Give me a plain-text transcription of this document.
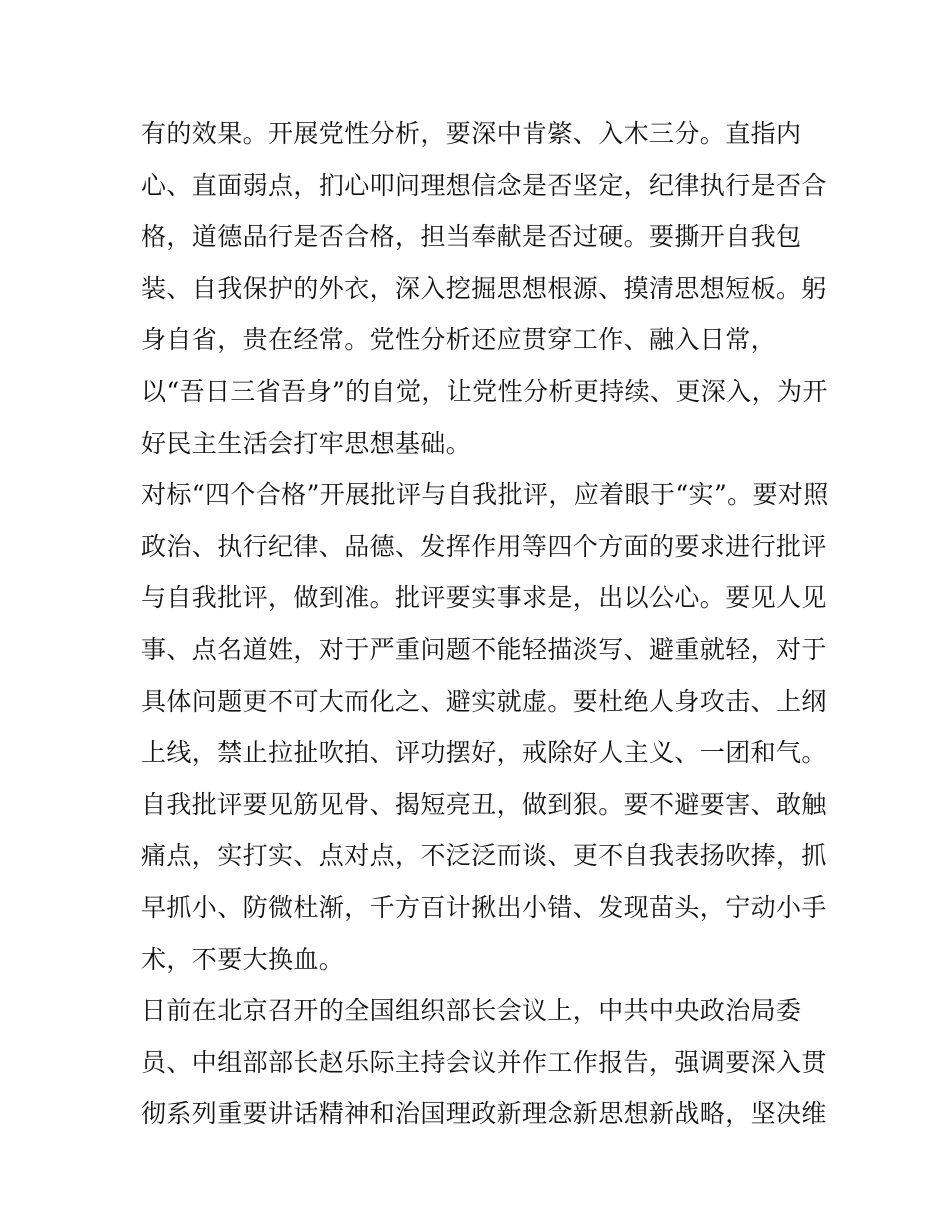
有的效果。开展党性分析，要深中肯綮、入木三分。直指内
心、直面弱点，扪心叩问理想信念是否坚定，纪律执行是否合
格，道德品行是否合格，担当奉献是否过硬。要撕开自我包
装、自我保护的外衣，深入挖掘思想根源、摸清思想短板。躬
身自省，贵在经常。党性分析还应贯穿工作、融入日常，
以“吾日三省吾身”的自觉，让党性分析更持续、更深入，为开
好民主生活会打牢思想基础。
对标“四个合格”开展批评与自我批评，应着眼于“实”。要对照
政治、执行纪律、品德、发挥作用等四个方面的要求进行批评
与自我批评，做到准。批评要实事求是，出以公心。要见人见
事、点名道姓，对于严重问题不能轻描淡写、避重就轻，对于
具体问题更不可大而化之、避实就虚。要杜绝人身攻击、上纲
上线，禁止拉扯吹拍、评功摆好，戒除好人主义、一团和气。
自我批评要见筋见骨、揭短亮丑，做到狠。要不避要害、敢触
痛点，实打实、点对点，不泛泛而谈、更不自我表扬吹捧，抓
早抓小、防微杜渐，千方百计揪出小错、发现苗头，宁动小手
术，不要大换血。
日前在北京召开的全国组织部长会议上，中共中央政治局委
员、中组部部长赵乐际主持会议并作工作报告，强调要深入贯
彻系列重要讲话精神和治国理政新理念新思想新战略，坚决维
